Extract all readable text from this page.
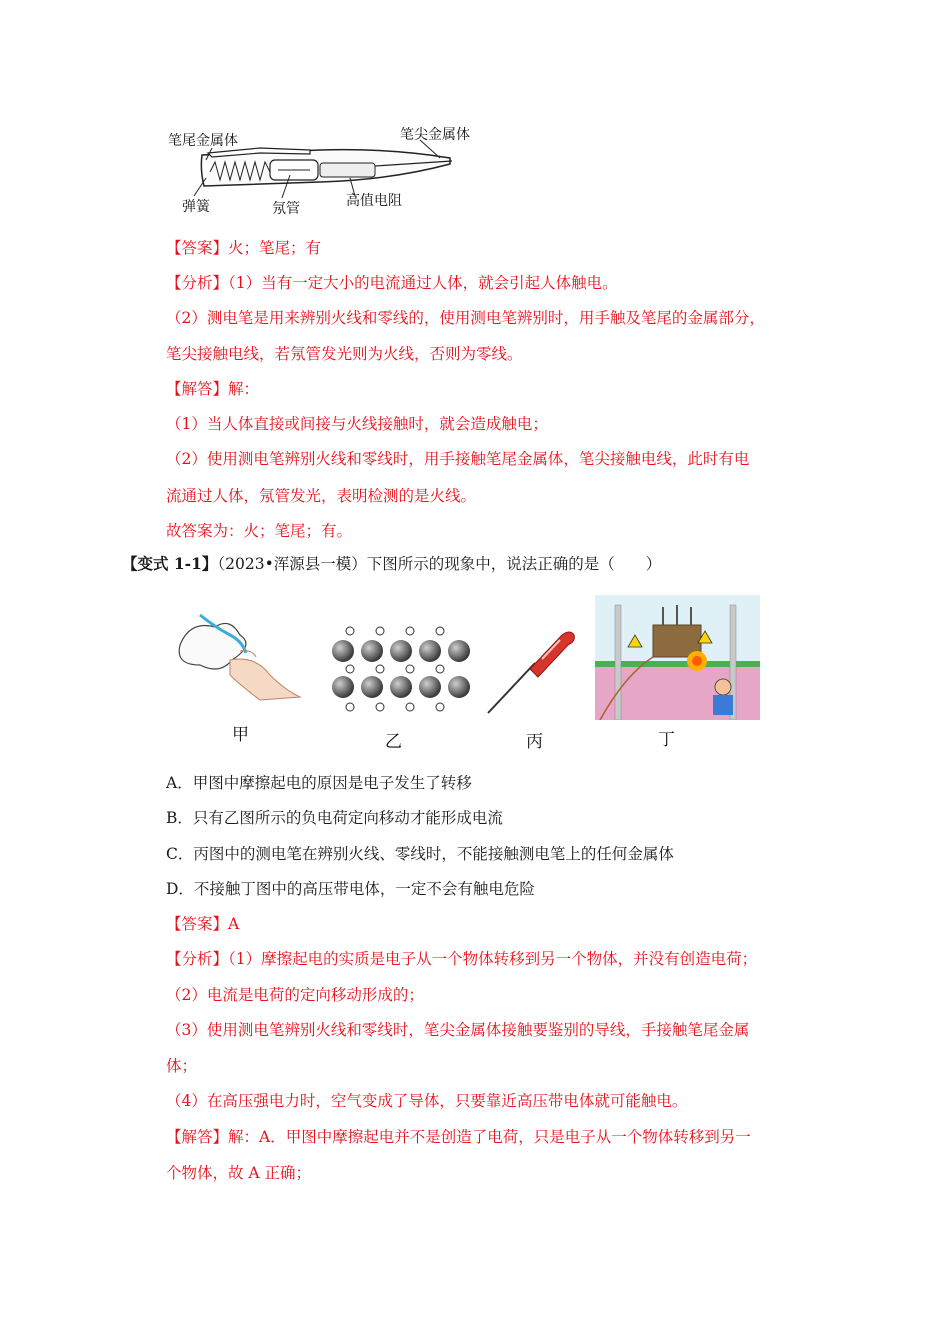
笔尾金属体	笔尖金属体
弹簧	氖管	高值电阻
【答案】火；笔尾；有
【分析】（1）当有一定大小的电流通过人体，就会引起人体触电。
（2）测电笔是用来辨别火线和零线的，使用测电笔辨别时，用手触及笔尾的金属部分，
笔尖接触电线，若氖管发光则为火线，否则为零线。
【解答】解：
（1）当人体直接或间接与火线接触时，就会造成触电；
（2）使用测电笔辨别火线和零线时，用手接触笔尾金属体，笔尖接触电线，此时有电
流通过人体，氖管发光，表明检测的是火线。
故答案为：火；笔尾；有。
【变式 1-1】（2023•浑源县一模）下图所示的现象中，说法正确的是（　　）
甲	乙	丙	丁
A．甲图中摩擦起电的原因是电子发生了转移
B．只有乙图所示的负电荷定向移动才能形成电流
C．丙图中的测电笔在辨别火线、零线时，不能接触测电笔上的任何金属体
D．不接触丁图中的高压带电体，一定不会有触电危险
【答案】A
【分析】（1）摩擦起电的实质是电子从一个物体转移到另一个物体，并没有创造电荷；
（2）电流是电荷的定向移动形成的；
（3）使用测电笔辨别火线和零线时，笔尖金属体接触要鉴别的导线，手接触笔尾金属
体；
（4）在高压强电力时，空气变成了导体，只要靠近高压带电体就可能触电。
【解答】解：A．甲图中摩擦起电并不是创造了电荷，只是电子从一个物体转移到另一
个物体，故 A 正确；
